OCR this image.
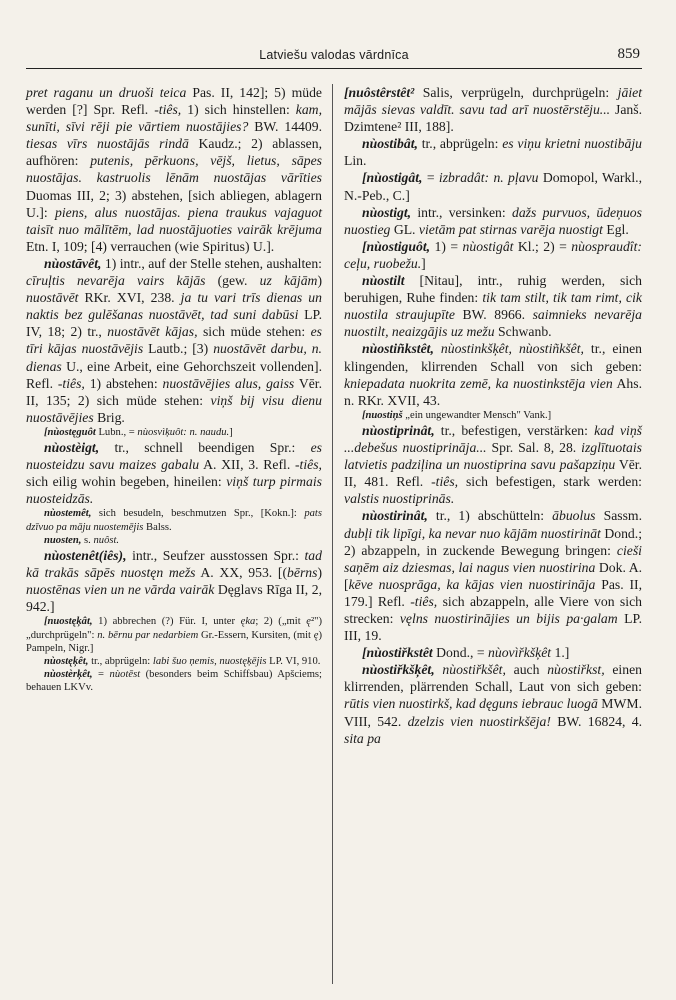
Latviešu valodas vārdnīca	859

pret raganu un druoši teica Pas. II, 142]; 5) müde werden [?] Spr. Refl. -tiês, 1) sich hinstellen: kam, sunīti, sīvi rēji pie vārtiem nuostājies? BW. 14409. tiesas vīrs nuostājās rindā Kaudz.; 2) ablassen, aufhören: putenis, pērkuons, vējš, lietus, sāpes nuostājas. kastruolis lēnām nuostājas vārīties Duomas III, 2; 3) abstehen, [sich abliegen, ablagern U.]: piens, alus nuostājas. piena traukus vajaguot taisīt nuo mālītēm, lad nuostājuoties vairāk krējuma Etn. I, 109; [4) verrauchen (wie Spiritus) U.].

nùostāvêt, 1) intr., auf der Stelle stehen, aushalten: cīruļtis nevarēja vairs kājās (gew. uz kājām) nuostāvēt RKr. XVI, 238. ja tu vari trīs dienas un naktis bez gulēšanas nuostāvēt, tad suni dabūsi LP. IV, 18; 2) tr., nuostāvēt kājas, sich müde stehen: es tīri kājas nuostāvējis Lautb.; [3) nuostāvēt darbu, n. dienas U., eine Arbeit, eine Gehorchszeit vollenden]. Refl. -tiês, 1) abstehen: nuostāvējies alus, gaiss Vēr. II, 135; 2) sich müde stehen: viņš bij visu dienu nuostāvējies Brig.

[nùostęguôt Lubn., = nùosvìķuôt: n. naudu.]

nùostèigt, tr., schnell beendigen Spr.: es nuosteidzu savu maizes gabalu A. XII, 3. Refl. -tiês, sich eilig wohin begeben, hineilen: viņš turp pirmais nuosteidzās.

nùostemêt, sich besudeln, beschmutzen Spr., [Kokn.]: pats dzīvuo pa māju nuostemējis Balss.

nuosten, s. nuôst.

nùostenêt(iês), intr., Seufzer ausstossen Spr.: tad kā trakās sāpēs nuostęn mežs A. XX, 953. [(bērns) nuostēnas vien un ne vārda vairāk Dęglavs Rīga II, 2, 942.]

[nuostęķât, 1) abbrechen (?) Für. I, unter ęka; 2) („mit ę²") „durchprügeln": n. bērnu par nedarbiem Gr.-Essern, Kursiten, (mit ę) Pampeln, Nigr.]

nùostęķêt, tr., abprügeln: labi šuo ņemis, nuostęķējis LP. VI, 910.

nùostèrķêt, = nùotēst (besonders beim Schiffsbau) Apšciems; behauen LKVv.

[nuôstêrstêt² Salis, verprügeln, durchprügeln: jāiet mājās sievas valdīt. savu tad arī nuostērstēju... Janš. Dzimtene² III, 188].

nùostibât, tr., abprügeln: es viņu krietni nuostibāju Lin.

[nùostigât, = izbradât: n. pļavu Domopol, Warkl., N.-Peb., C.]

nùostigt, intr., versinken: dažs purvuos, ūdeņuos nuostieg GL. vietām pat stirnas varēja nuostigt Egl.

[nùostiguôt, 1) = nùostigât Kl.; 2) = nùospraudît: ceļu, ruobežu.]

nùostilt [Nitau], intr., ruhig werden, sich beruhigen, Ruhe finden: tik tam stilt, tik tam rimt, cik nuostila straujupīte BW. 8966. saimnieks nevarēja nuostilt, neaizgājis uz mežu Schwanb.

nùostiñkstêt, nùostinkšķêt, nùostiñkšêt, tr., einen klingenden, klirrenden Schall von sich geben: kniepadata nuokrita zemē, ka nuostinkstēja vien Ahs. n. RKr. XVII, 43.

[nuostiņš „ein ungewandter Mensch" Vank.]

nùostiprinât, tr., befestigen, verstärken: kad viņš ...debešus nuostiprināja... Spr. Sal. 8, 28. izglītuotais latvietis padziļina un nuostiprina savu pašapziņu Vēr. II, 481. Refl. -tiês, sich befestigen, stark werden: valstis nuostiprinās.

nùostirinât, tr., 1) abschütteln: ābuolus Sassm. dubļi tik lipīgi, ka nevar nuo kājām nuostirināt Dond.; 2) abzappeln, in zuckende Bewegung bringen: cieši saņēm aiz dziesmas, lai nagus vien nuostirina Dok. A. [kēve nuosprāga, ka kājas vien nuostirināja Pas. II, 179.] Refl. -tiês, sich abzappeln, alle Viere von sich strecken: vęlns nuostirinājies un bijis pa·galam LP. III, 19.

[nùostiřkstêt Dond., = nùovìřkšķêt 1.]

nùostiřkšķêt, nùostiřkšêt, auch nùostiřkst, einen klirrenden, plärrenden Schall, Laut von sich geben: rūtis vien nuostirkš, kad dęguns iebrauc luogā MWM. VIII, 542. dzelzis vien nuostirkšēja! BW. 16824, 4. sita pa
